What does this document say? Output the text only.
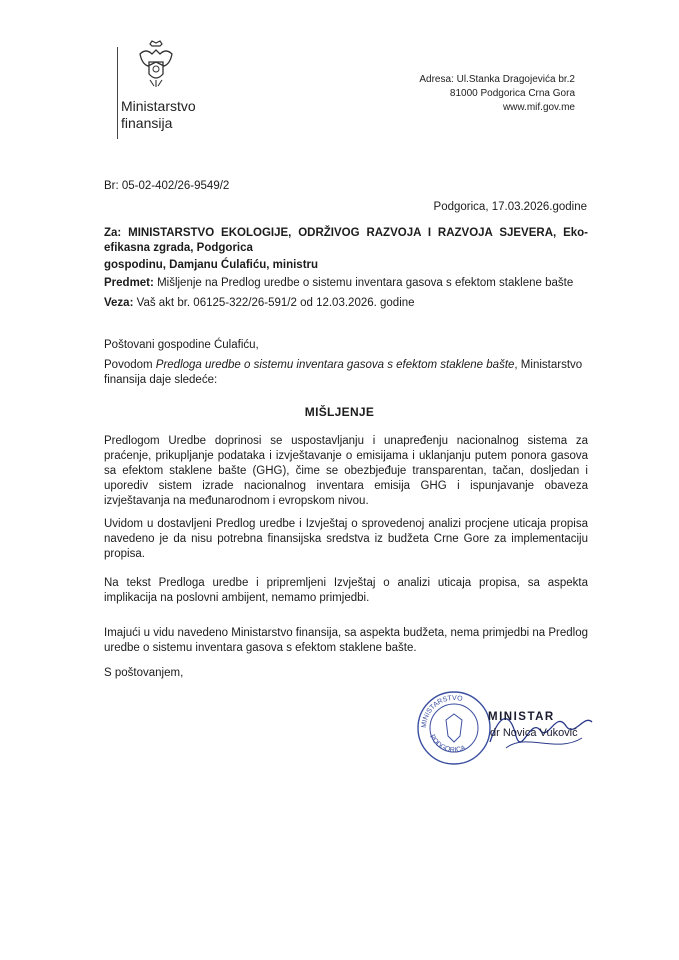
Ministarstvo
finansija
Adresa: Ul.Stanka Dragojevića br.2
81000 Podgorica Crna Gora
www.mif.gov.me
Br: 05-02-402/26-9549/2
Podgorica, 17.03.2026.godine
Za: MINISTARSTVO EKOLOGIJE, ODRŽIVOG RAZVOJA I RAZVOJA SJEVERA, Eko-efikasna zgrada, Podgorica
gospodinu, Damjanu Ćulafiću, ministru
Predmet: Mišljenje na Predlog uredbe o sistemu inventara gasova s efektom staklene bašte
Veza: Vaš akt br. 06125-322/26-591/2 od 12.03.2026. godine
Poštovani gospodine Ćulafiću,
Povodom Predloga uredbe o sistemu inventara gasova s efektom staklene bašte, Ministarstvo finansija daje sledeće:
MIŠLJENJE
Predlogom Uredbe doprinosi se uspostavljanju i unapređenju nacionalnog sistema za praćenje, prikupljanje podataka i izvještavanje o emisijama i uklanjanju putem ponora gasova sa efektom staklene bašte (GHG), čime se obezbjeđuje transparentan, tačan, dosljedan i uporediv sistem izrade nacionalnog inventara emisija GHG i ispunjavanje obaveza izvještavanja na međunarodnom i evropskom nivou.
Uvidom u dostavljeni Predlog uredbe i Izvještaj o sprovedenoj analizi procjene uticaja propisa navedeno je da nisu potrebna finansijska sredstva iz budžeta Crne Gore za implementaciju propisa.
Na tekst Predloga uredbe i pripremljeni Izvještaj o analizi uticaja propisa, sa aspekta implikacija na poslovni ambijent, nemamo primjedbi.
Imajući u vidu navedeno Ministarstvo finansija, sa aspekta budžeta, nema primjedbi na Predlog uredbe o sistemu inventara gasova s efektom staklene bašte.
S poštovanjem,
MINISTARSTVO
PODGORICA
MINISTAR
dr Novica Vuković
